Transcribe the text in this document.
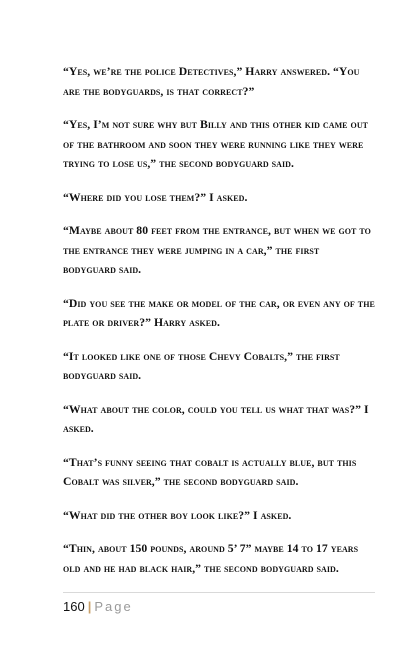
“Yes, we’re the police Detectives,” Harry answered. “You are the bodyguards, is that correct?”

“Yes, I’m not sure why but Billy and this other kid came out of the bathroom and soon they were running like they were trying to lose us,” the second bodyguard said.

“Where did you lose them?” I asked.

“Maybe about 80 feet from the entrance, but when we got to the entrance they were jumping in a car,” the first bodyguard said.

“Did you see the make or model of the car, or even any of the plate or driver?” Harry asked.

“It looked like one of those Chevy Cobalts,” the first bodyguard said.

“What about the color, could you tell us what that was?” I asked.

“That’s funny seeing that cobalt is actually blue, but this Cobalt was silver,” the second bodyguard said.

“What did the other boy look like?” I asked.

“Thin, about 150 pounds, around 5’ 7” maybe 14 to 17 years old and he had black hair,” the second bodyguard said.

160 | Page
